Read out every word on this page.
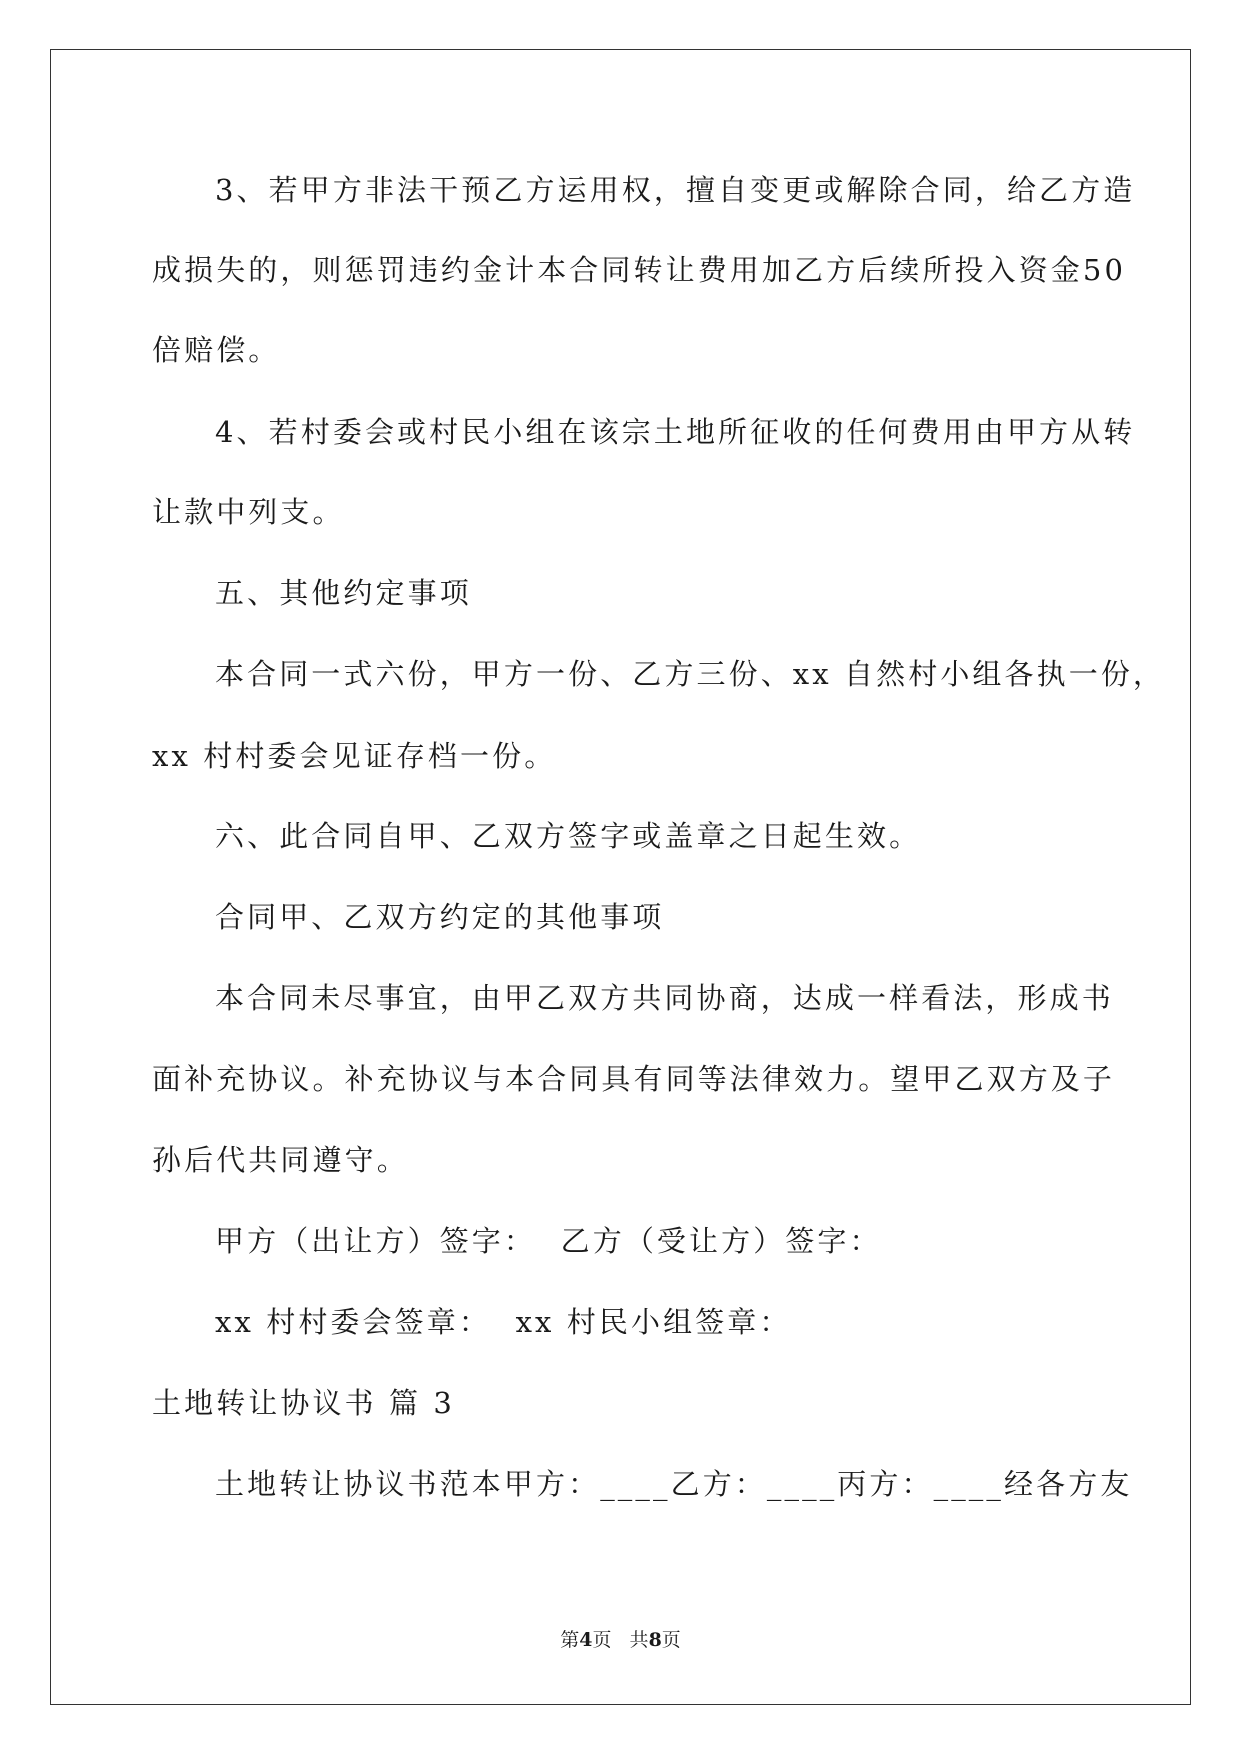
3、若甲方非法干预乙方运用权，擅自变更或解除合同，给乙方造
成损失的，则惩罚违约金计本合同转让费用加乙方后续所投入资金50
倍赔偿。
4、若村委会或村民小组在该宗土地所征收的任何费用由甲方从转
让款中列支。
五、其他约定事项
本合同一式六份，甲方一份、乙方三份、xx 自然村小组各执一份，
xx 村村委会见证存档一份。
六、此合同自甲、乙双方签字或盖章之日起生效。
合同甲、乙双方约定的其他事项
本合同未尽事宜，由甲乙双方共同协商，达成一样看法，形成书
面补充协议。补充协议与本合同具有同等法律效力。望甲乙双方及子
孙后代共同遵守。
甲方（出让方）签字：  乙方（受让方）签字：
xx 村村委会签章：  xx 村民小组签章：
土地转让协议书 篇 3
土地转让协议书范本甲方：____乙方：____丙方：____经各方友
第4页   共8页
